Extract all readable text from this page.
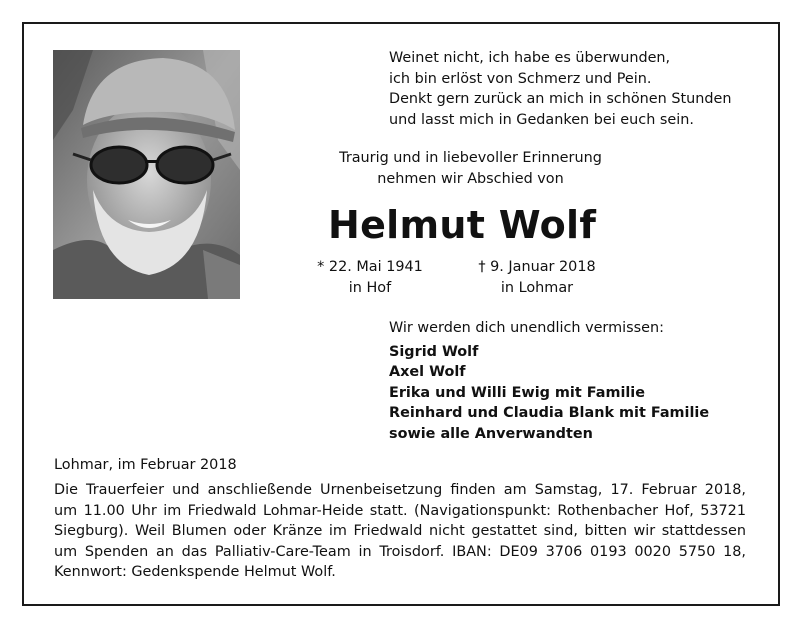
Weinet nicht, ich habe es überwunden,
ich bin erlöst von Schmerz und Pein.
Denkt gern zurück an mich in schönen Stunden
und lasst mich in Gedanken bei euch sein.
Traurig und in liebevoller Erinnerung
nehmen wir Abschied von
Helmut Wolf
* 22. Mai 1941
in Hof
† 9. Januar 2018
in Lohmar
Wir werden dich unendlich vermissen:
Sigrid Wolf
Axel Wolf
Erika und Willi Ewig mit Familie
Reinhard und Claudia Blank mit Familie
sowie alle Anverwandten
Lohmar, im Februar 2018
Die Trauerfeier und anschließende Urnenbeisetzung finden am Samstag, 17. Februar 2018,
um 11.00 Uhr im Friedwald Lohmar-Heide statt. (Navigationspunkt: Rothenbacher Hof, 53721
Siegburg). Weil Blumen oder Kränze im Friedwald nicht gestattet sind, bitten wir stattdessen
um Spenden an das Palliativ-Care-Team in Troisdorf. IBAN: DE09 3706 0193 0020 5750 18,
Kennwort: Gedenkspende Helmut Wolf.
